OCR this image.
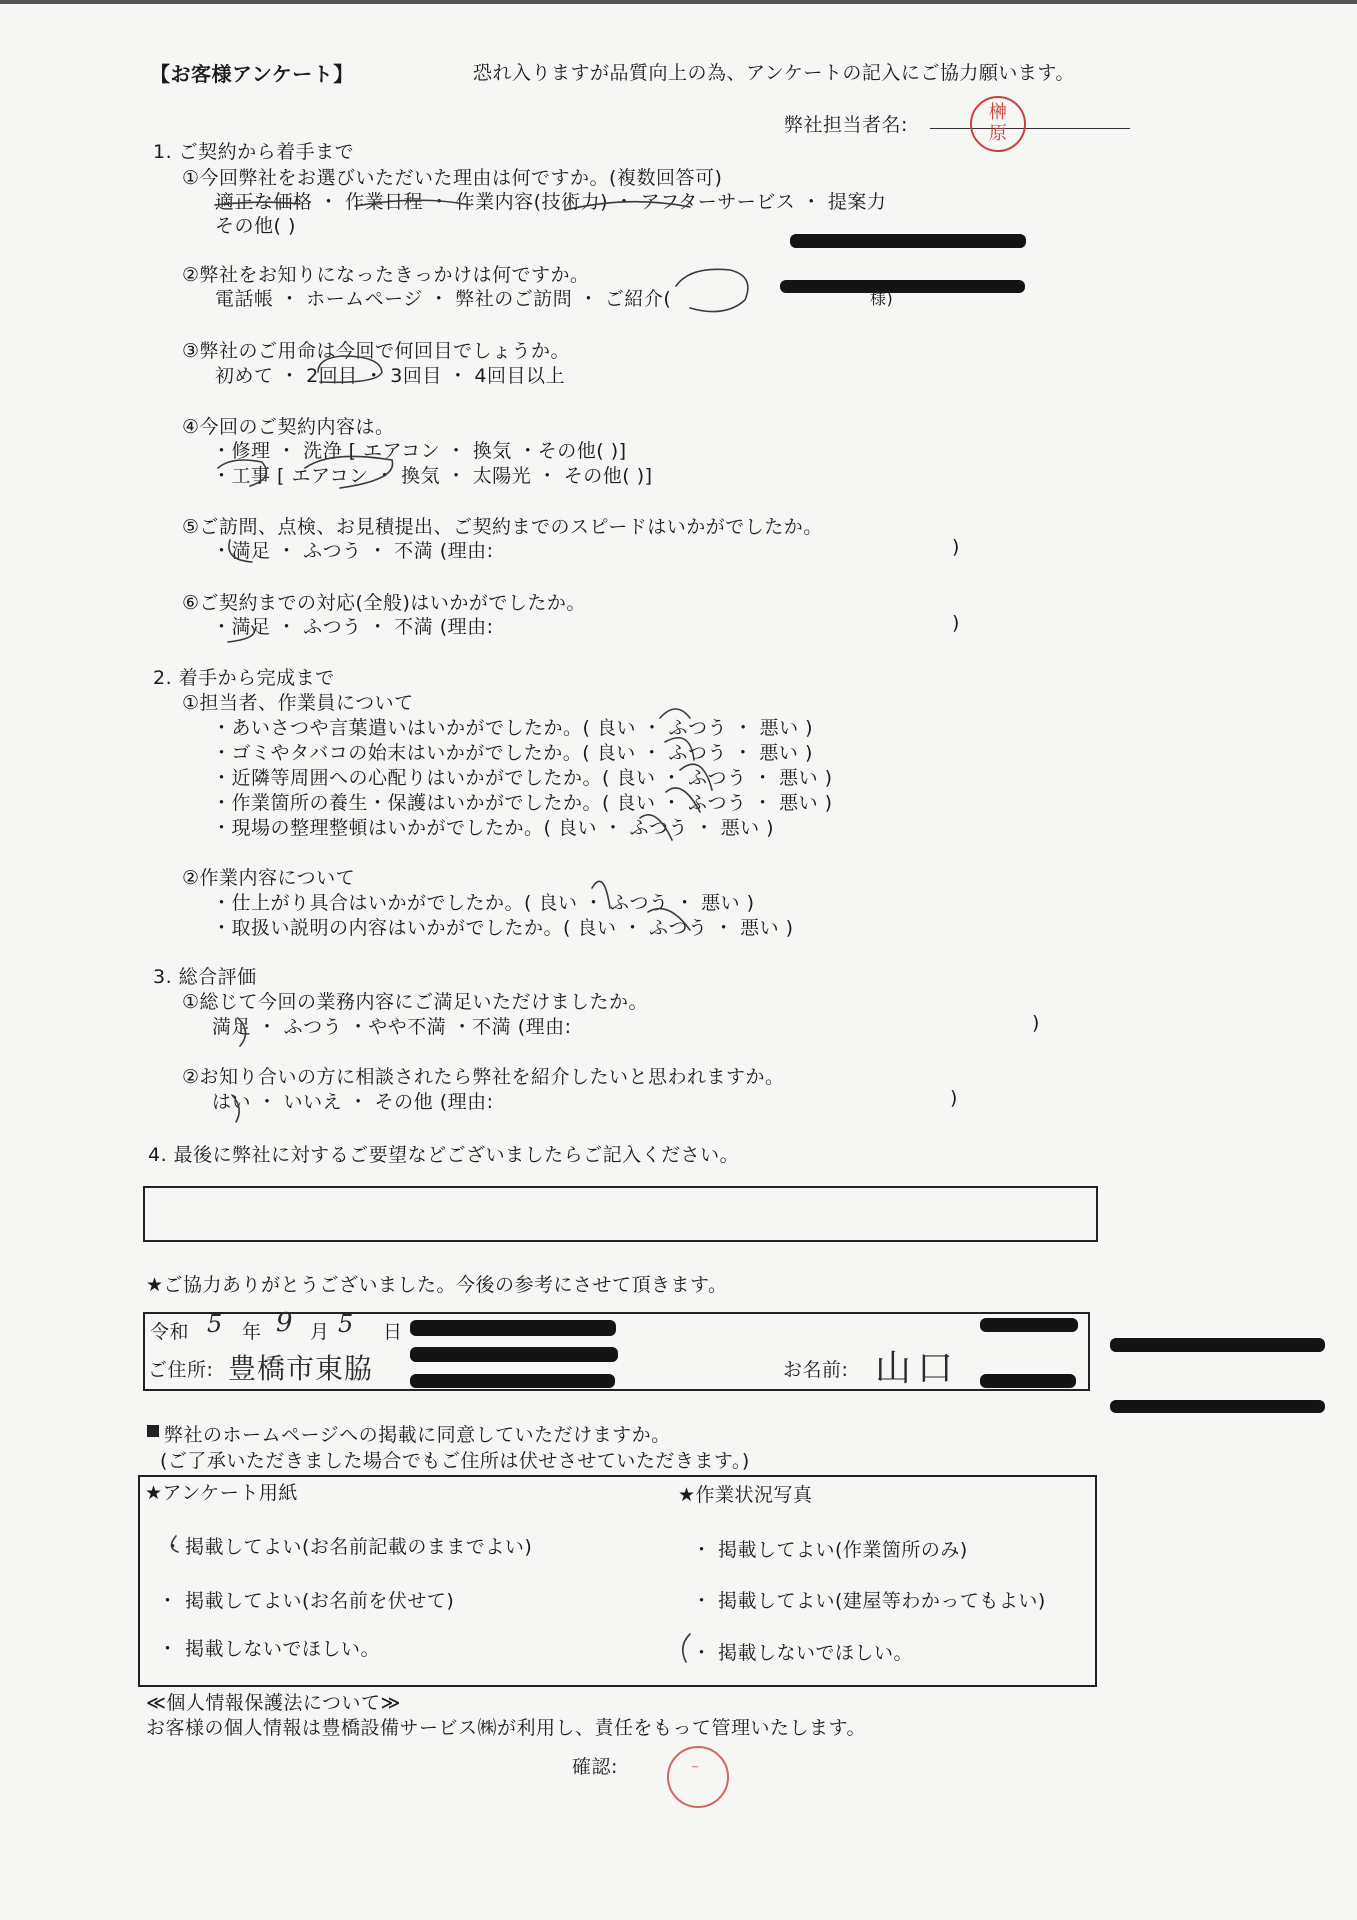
【お客様アンケート】	恐れ入りますが品質向上の為、アンケートの記入にご協力願います。
弊社担当者名:
榊原
1. ご契約から着手まで
①今回弊社をお選びいただいた理由は何ですか。(複数回答可)
適正な価格 ・ 作業日程 ・ 作業内容(技術力) ・ アフターサービス ・ 提案力
その他( )
②弊社をお知りになったきっかけは何ですか。
電話帳 ・ ホームページ ・ 弊社のご訪問 ・ ご紹介(	様)
③弊社のご用命は今回で何回目でしょうか。
初めて ・ 2回目 ・ 3回目 ・ 4回目以上
④今回のご契約内容は。
・修理 ・ 洗浄 [ エアコン ・ 換気 ・その他( )]
・工事 [ エアコン ・ 換気 ・ 太陽光 ・ その他( )]
⑤ご訪問、点検、お見積提出、ご契約までのスピードはいかがでしたか。
・満足 ・ ふつう ・ 不満 (理由:	)
⑥ご契約までの対応(全般)はいかがでしたか。
・満足 ・ ふつう ・ 不満 (理由:	)
2. 着手から完成まで
①担当者、作業員について
・あいさつや言葉遣いはいかがでしたか。( 良い ・ ふつう ・ 悪い )
・ゴミやタバコの始末はいかがでしたか。( 良い ・ ふつう ・ 悪い )
・近隣等周囲への心配りはいかがでしたか。( 良い ・ ふつう ・ 悪い )
・作業箇所の養生・保護はいかがでしたか。( 良い ・ ふつう ・ 悪い )
・現場の整理整頓はいかがでしたか。( 良い ・ ふつう ・ 悪い )
②作業内容について
・仕上がり具合はいかがでしたか。( 良い ・ ふつう ・ 悪い )
・取扱い説明の内容はいかがでしたか。( 良い ・ ふつう ・ 悪い )
3. 総合評価
①総じて今回の業務内容にご満足いただけましたか。
満足 ・ ふつう ・やや不満 ・不満 (理由:	)
②お知り合いの方に相談されたら弊社を紹介したいと思われますか。
はい ・ いいえ ・ その他 (理由:	)
4. 最後に弊社に対するご要望などございましたらご記入ください。
★ご協力ありがとうございました。今後の参考にさせて頂きます。
令和 5 年 9 月 5 日
ご住所: 豊橋市東脇	お名前: 山口
弊社のホームページへの掲載に同意していただけますか。
(ご了承いただきました場合でもご住所は伏せさせていただきます。)
★アンケート用紙	★作業状況写真
・ 掲載してよい(お名前記載のままでよい)
・ 掲載してよい(お名前を伏せて)
・ 掲載しないでほしい。
・ 掲載してよい(作業箇所のみ)
・ 掲載してよい(建屋等わかってもよい)
・ 掲載しないでほしい。
≪個人情報保護法について≫
お客様の個人情報は豊橋設備サービス㈱が利用し、責任をもって管理いたします。
確認:	~
